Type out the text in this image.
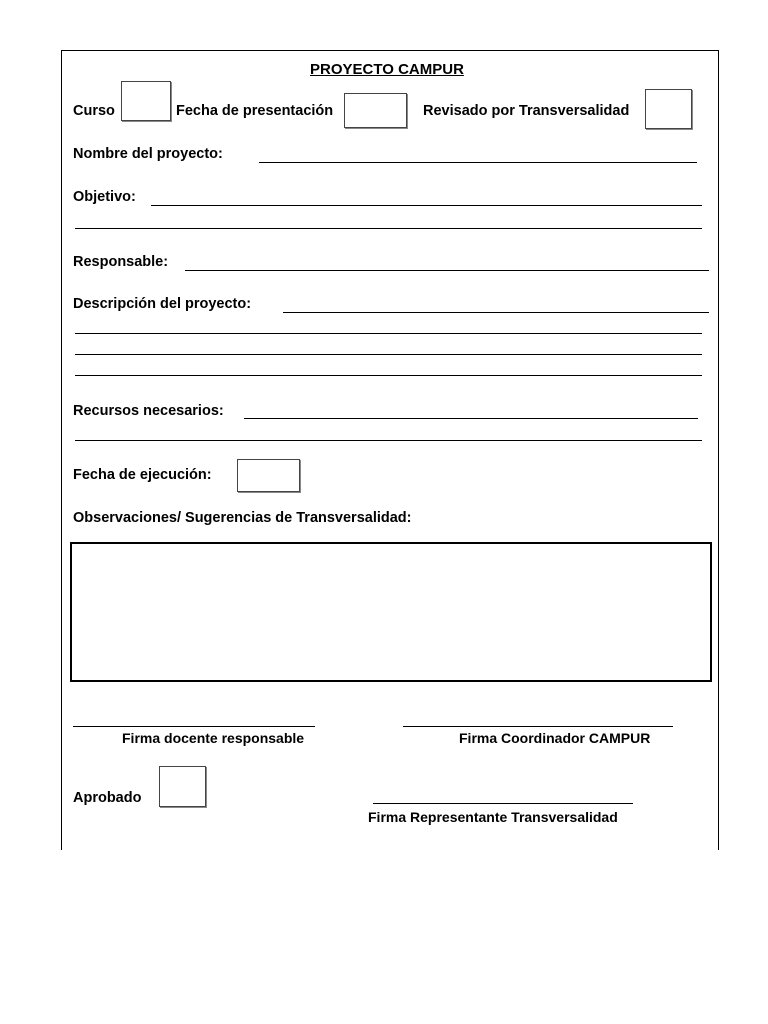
PROYECTO CAMPUR
Curso	Fecha de presentación	Revisado por Transversalidad
Nombre del proyecto:
Objetivo:
Responsable:
Descripción del proyecto:
Recursos necesarios:
Fecha de ejecución:
Observaciones/ Sugerencias de Transversalidad:
Firma docente responsable	Firma Coordinador CAMPUR
Aprobado
Firma Representante Transversalidad
